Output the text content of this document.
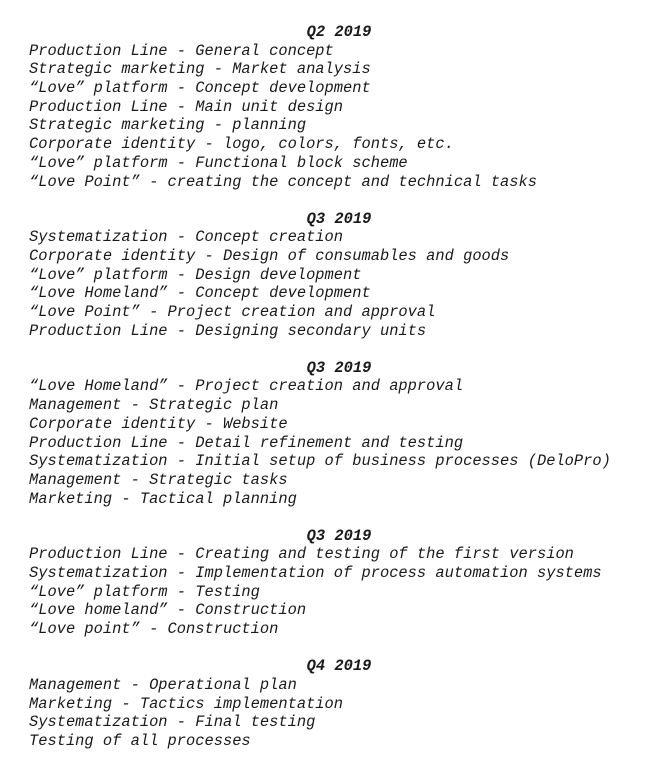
Q2 2019
Production Line - General concept
Strategic marketing - Market analysis
“Love” platform - Concept development
Production Line - Main unit design
Strategic marketing - planning
Corporate identity - logo, colors, fonts, etc.
“Love” platform - Functional block scheme
“Love Point” - creating the concept and technical tasks
Q3 2019
Systematization - Concept creation
Corporate identity - Design of consumables and goods
“Love” platform - Design development
“Love Homeland” - Concept development
“Love Point” - Project creation and approval
Production Line - Designing secondary units
Q3 2019
“Love Homeland” - Project creation and approval
Management - Strategic plan
Corporate identity - Website
Production Line - Detail refinement and testing
Systematization - Initial setup of business processes (DeloPro)
Management - Strategic tasks
Marketing - Tactical planning
Q3 2019
Production Line - Creating and testing of the first version
Systematization - Implementation of process automation systems
“Love” platform - Testing
“Love homeland” - Construction
“Love point” - Construction
Q4 2019
Management - Operational plan
Marketing - Tactics implementation
Systematization - Final testing
Testing of all processes
